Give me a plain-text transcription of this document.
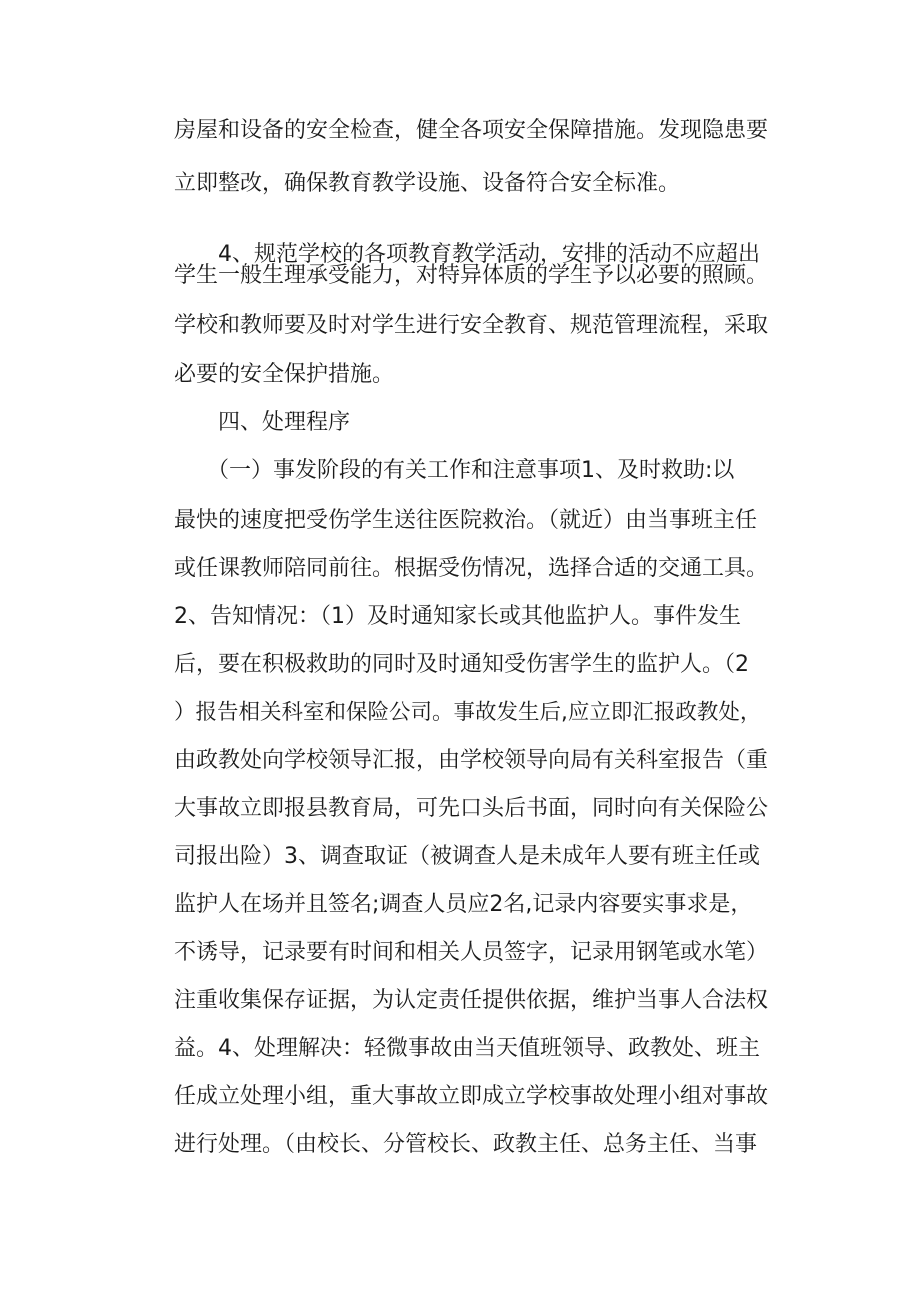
房屋和设备的安全检查，健全各项安全保障措施。发现隐患要
立即整改，确保教育教学设施、设备符合安全标准。
　　4、规范学校的各项教育教学活动，安排的活动不应超出
学生一般生理承受能力，对特异体质的学生予以必要的照顾。
学校和教师要及时对学生进行安全教育、规范管理流程，采取
必要的安全保护措施。
　　四、处理程序
　　（一）事发阶段的有关工作和注意事项1、及时救助:以
最快的速度把受伤学生送往医院救治。（就近）由当事班主任
或任课教师陪同前往。根据受伤情况，选择合适的交通工具。
2、告知情况：（1）及时通知家长或其他监护人。事件发生
后，要在积极救助的同时及时通知受伤害学生的监护人。（2
）报告相关科室和保险公司。事故发生后,应立即汇报政教处，
由政教处向学校领导汇报，由学校领导向局有关科室报告（重
大事故立即报县教育局，可先口头后书面，同时向有关保险公
司报出险）3、调查取证（被调查人是未成年人要有班主任或
监护人在场并且签名;调查人员应2名,记录内容要实事求是，
不诱导，记录要有时间和相关人员签字，记录用钢笔或水笔）
注重收集保存证据，为认定责任提供依据，维护当事人合法权
益。4、处理解决：轻微事故由当天值班领导、政教处、班主
任成立处理小组，重大事故立即成立学校事故处理小组对事故
进行处理。（由校长、分管校长、政教主任、总务主任、当事
